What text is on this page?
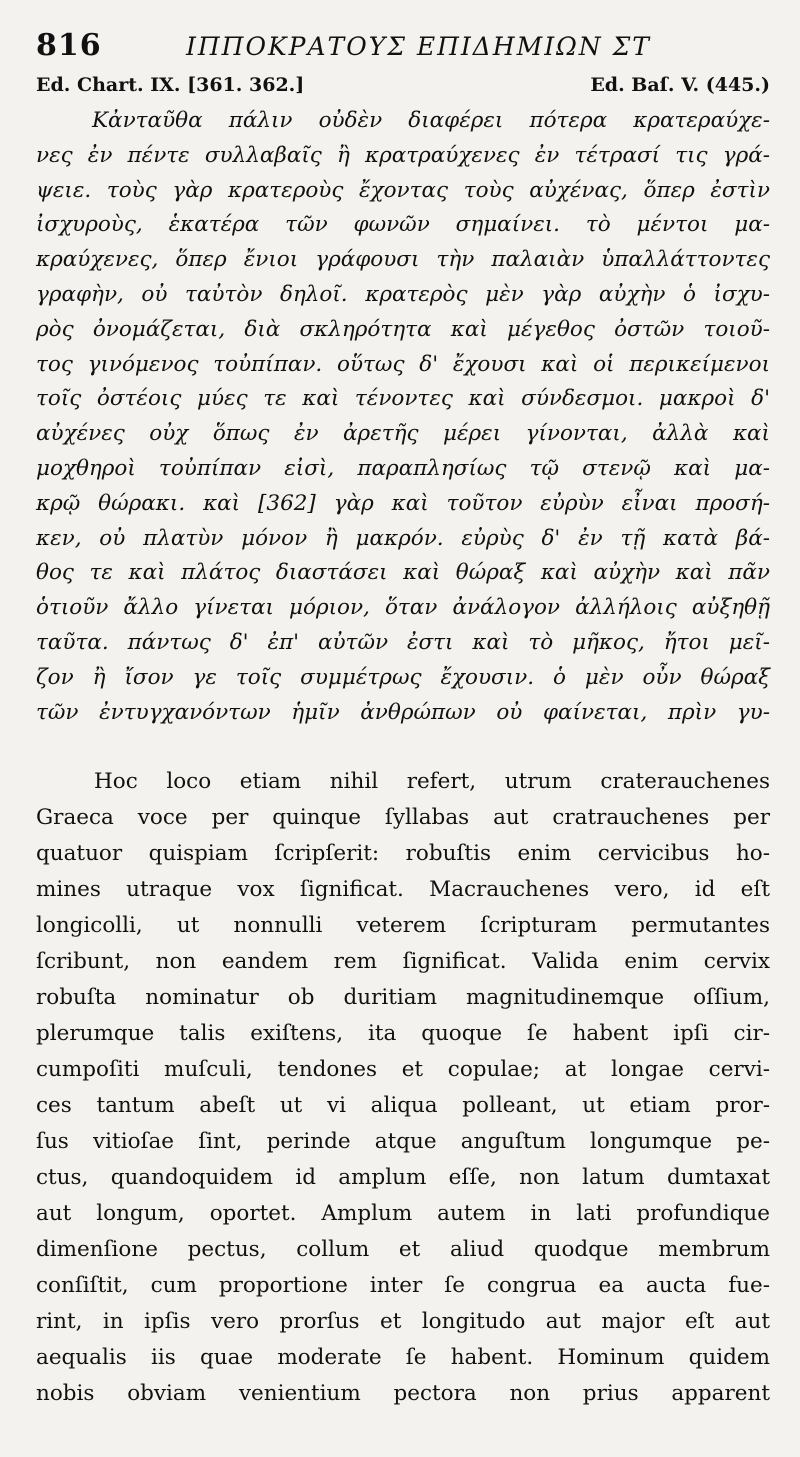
816	ΙΠΠΟΚΡΑΤΟΥΣ ΕΠΙΔΗΜΙΩΝ ΣΤ
Ed. Chart. IX. [361. 362.]	Ed. Baſ. V. (445.)
Κἀνταῦθα πάλιν οὐδὲν διαφέρει πότερα κρατεραύχε-
νες ἐν πέντε συλλαβαῖς ἢ κρατραύχενες ἐν τέτρασί τις γρά-
ψειε. τοὺς γὰρ κρατεροὺς ἔχοντας τοὺς αὐχένας, ὅπερ ἐστὶν
ἰσχυροὺς, ἑκατέρα τῶν φωνῶν σημαίνει. τὸ μέντοι μα-
κραύχενες, ὅπερ ἔνιοι γράφουσι τὴν παλαιὰν ὑπαλλάττοντες
γραφὴν, οὐ ταὐτὸν δηλοῖ. κρατερὸς μὲν γὰρ αὐχὴν ὁ ἰσχυ-
ρὸς ὀνομάζεται, διὰ σκληρότητα καὶ μέγεθος ὀστῶν τοιοῦ-
τος γινόμενος τοὐπίπαν. οὕτως δ' ἔχουσι καὶ οἱ περικείμενοι
τοῖς ὀστέοις μύες τε καὶ τένοντες καὶ σύνδεσμοι. μακροὶ δ'
αὐχένες οὐχ ὅπως ἐν ἀρετῆς μέρει γίνονται, ἀλλὰ καὶ
μοχθηροὶ τοὐπίπαν εἰσὶ, παραπλησίως τῷ στενῷ καὶ μα-
κρῷ θώρακι. καὶ [362] γὰρ καὶ τοῦτον εὐρὺν εἶναι προσή-
κεν, οὐ πλατὺν μόνον ἢ μακρόν. εὐρὺς δ' ἐν τῇ κατὰ βά-
θος τε καὶ πλάτος διαστάσει καὶ θώραξ καὶ αὐχὴν καὶ πᾶν
ὁτιοῦν ἄλλο γίνεται μόριον, ὅταν ἀνάλογον ἀλλήλοις αὐξηθῇ
ταῦτα. πάντως δ' ἐπ' αὐτῶν ἐστι καὶ τὸ μῆκος, ἤτοι μεῖ-
ζον ἢ ἴσον γε τοῖς συμμέτρως ἔχουσιν. ὁ μὲν οὖν θώραξ
τῶν ἐντυγχανόντων ἡμῖν ἀνθρώπων οὐ φαίνεται, πρὶν γυ-
Hoc loco etiam nihil refert, utrum craterauchenes
Graeca voce per quinque ſyllabas aut cratrauchenes per
quatuor quispiam ſcripſerit: robuſtis enim cervicibus ho-
mines utraque vox ſignificat. Macrauchenes vero, id eſt
longicolli, ut nonnulli veterem ſcripturam permutantes
ſcribunt, non eandem rem ſignificat. Valida enim cervix
robuſta nominatur ob duritiam magnitudinemque oſſium,
plerumque talis exiſtens, ita quoque ſe habent ipſi cir-
cumpoſiti muſculi, tendones et copulae; at longae cervi-
ces tantum abeſt ut vi aliqua polleant, ut etiam pror-
ſus vitioſae ſint, perinde atque anguſtum longumque pe-
ctus, quandoquidem id amplum eſſe, non latum dumtaxat
aut longum, oportet. Amplum autem in lati profundique
dimenſione pectus, collum et aliud quodque membrum
conſiſtit, cum proportione inter ſe congrua ea aucta fue-
rint, in ipſis vero prorſus et longitudo aut major eſt aut
aequalis iis quae moderate ſe habent. Hominum quidem
nobis obviam venientium pectora non prius apparent
